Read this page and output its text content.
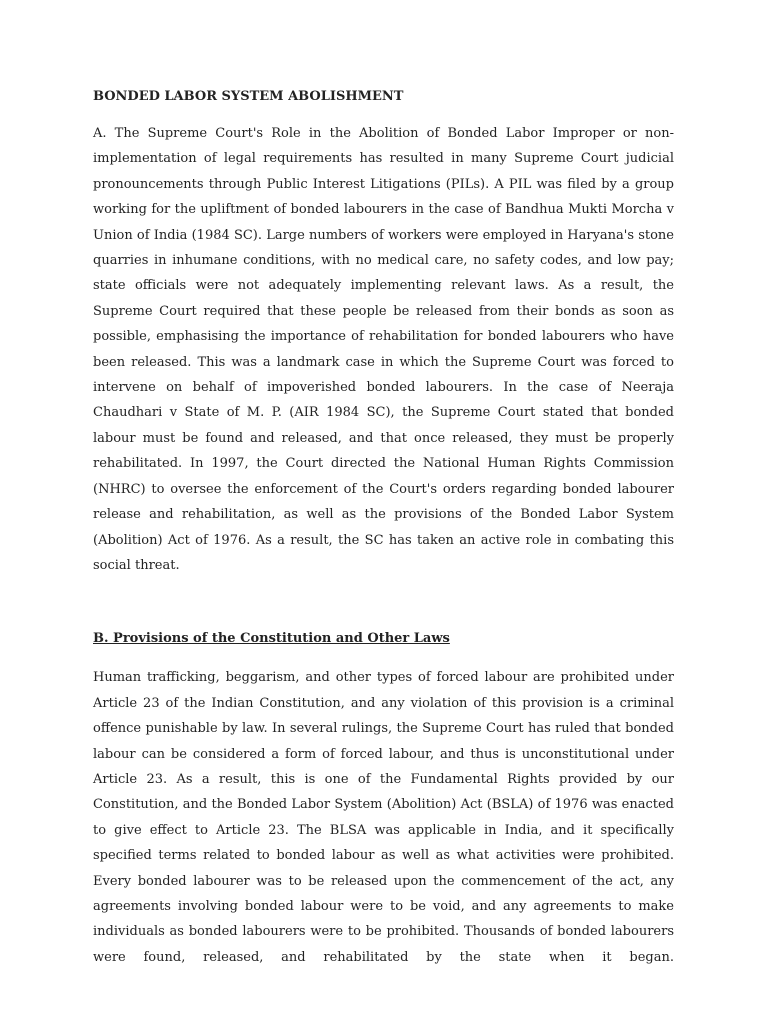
BONDED LABOR SYSTEM ABOLISHMENT

A. The Supreme Court's Role in the Abolition of Bonded Labor Improper or non-implementation of legal requirements has resulted in many Supreme Court judicial pronouncements through Public Interest Litigations (PILs). A PIL was filed by a group working for the upliftment of bonded labourers in the case of Bandhua Mukti Morcha v Union of India (1984 SC). Large numbers of workers were employed in Haryana's stone quarries in inhumane conditions, with no medical care, no safety codes, and low pay; state officials were not adequately implementing relevant laws. As a result, the Supreme Court required that these people be released from their bonds as soon as possible, emphasising the importance of rehabilitation for bonded labourers who have been released. This was a landmark case in which the Supreme Court was forced to intervene on behalf of impoverished bonded labourers. In the case of Neeraja Chaudhari v State of M. P. (AIR 1984 SC), the Supreme Court stated that bonded labour must be found and released, and that once released, they must be properly rehabilitated. In 1997, the Court directed the National Human Rights Commission (NHRC) to oversee the enforcement of the Court's orders regarding bonded labourer release and rehabilitation, as well as the provisions of the Bonded Labor System (Abolition) Act of 1976. As a result, the SC has taken an active role in combating this social threat.

B. Provisions of the Constitution and Other Laws

Human trafficking, beggarism, and other types of forced labour are prohibited under Article 23 of the Indian Constitution, and any violation of this provision is a criminal offence punishable by law. In several rulings, the Supreme Court has ruled that bonded labour can be considered a form of forced labour, and thus is unconstitutional under Article 23. As a result, this is one of the Fundamental Rights provided by our Constitution, and the Bonded Labor System (Abolition) Act (BSLA) of 1976 was enacted to give effect to Article 23. The BLSA was applicable in India, and it specifically specified terms related to bonded labour as well as what activities were prohibited. Every bonded labourer was to be released upon the commencement of the act, any agreements involving bonded labour were to be void, and any agreements to make individuals as bonded labourers were to be prohibited. Thousands of bonded labourers were found, released, and rehabilitated by the state when it began.
